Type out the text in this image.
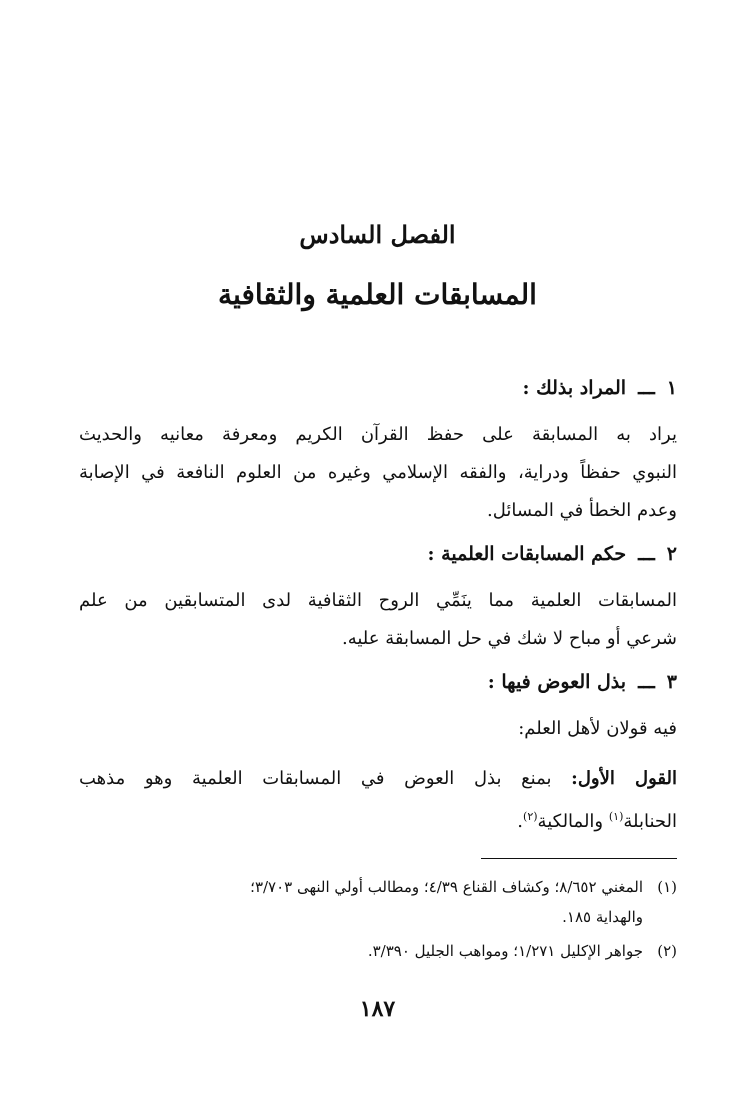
الفصل السادس
المسابقات العلمية والثقافية
١ـــالمراد بذلك :

يراد به المسابقة على حفظ القرآن الكريم ومعرفة معانيه والحديث
النبوي حفظاً ودراية، والفقه الإسلامي وغيره من العلوم النافعة في الإصابة
وعدم الخطأ في المسائل.

٢ـــحكم المسابقات العلمية :

المسابقات العلمية مما ينَمِّي الروح الثقافية لدى المتسابقين من علم
شرعي أو مباح لا شك في حل المسابقة عليه.

٣ـــبذل العوض فيها :

فيه قولان لأهل العلم:

القول الأول: بمنع بذل العوض في المسابقات العلمية وهو مذهب
الحنابلة$^{(١)}$ والمالكية$^{(٢)}$.

(١)
المغني ٨/٦٥٢؛ وكشاف القناع ٤/٣٩؛ ومطالب أولي النهى ٣/٧٠٣؛
والهداية ١٨٥.
(٢)
جواهر الإكليل ١/٢٧١؛ ومواهب الجليل ٣/٣٩٠.
١٨٧
